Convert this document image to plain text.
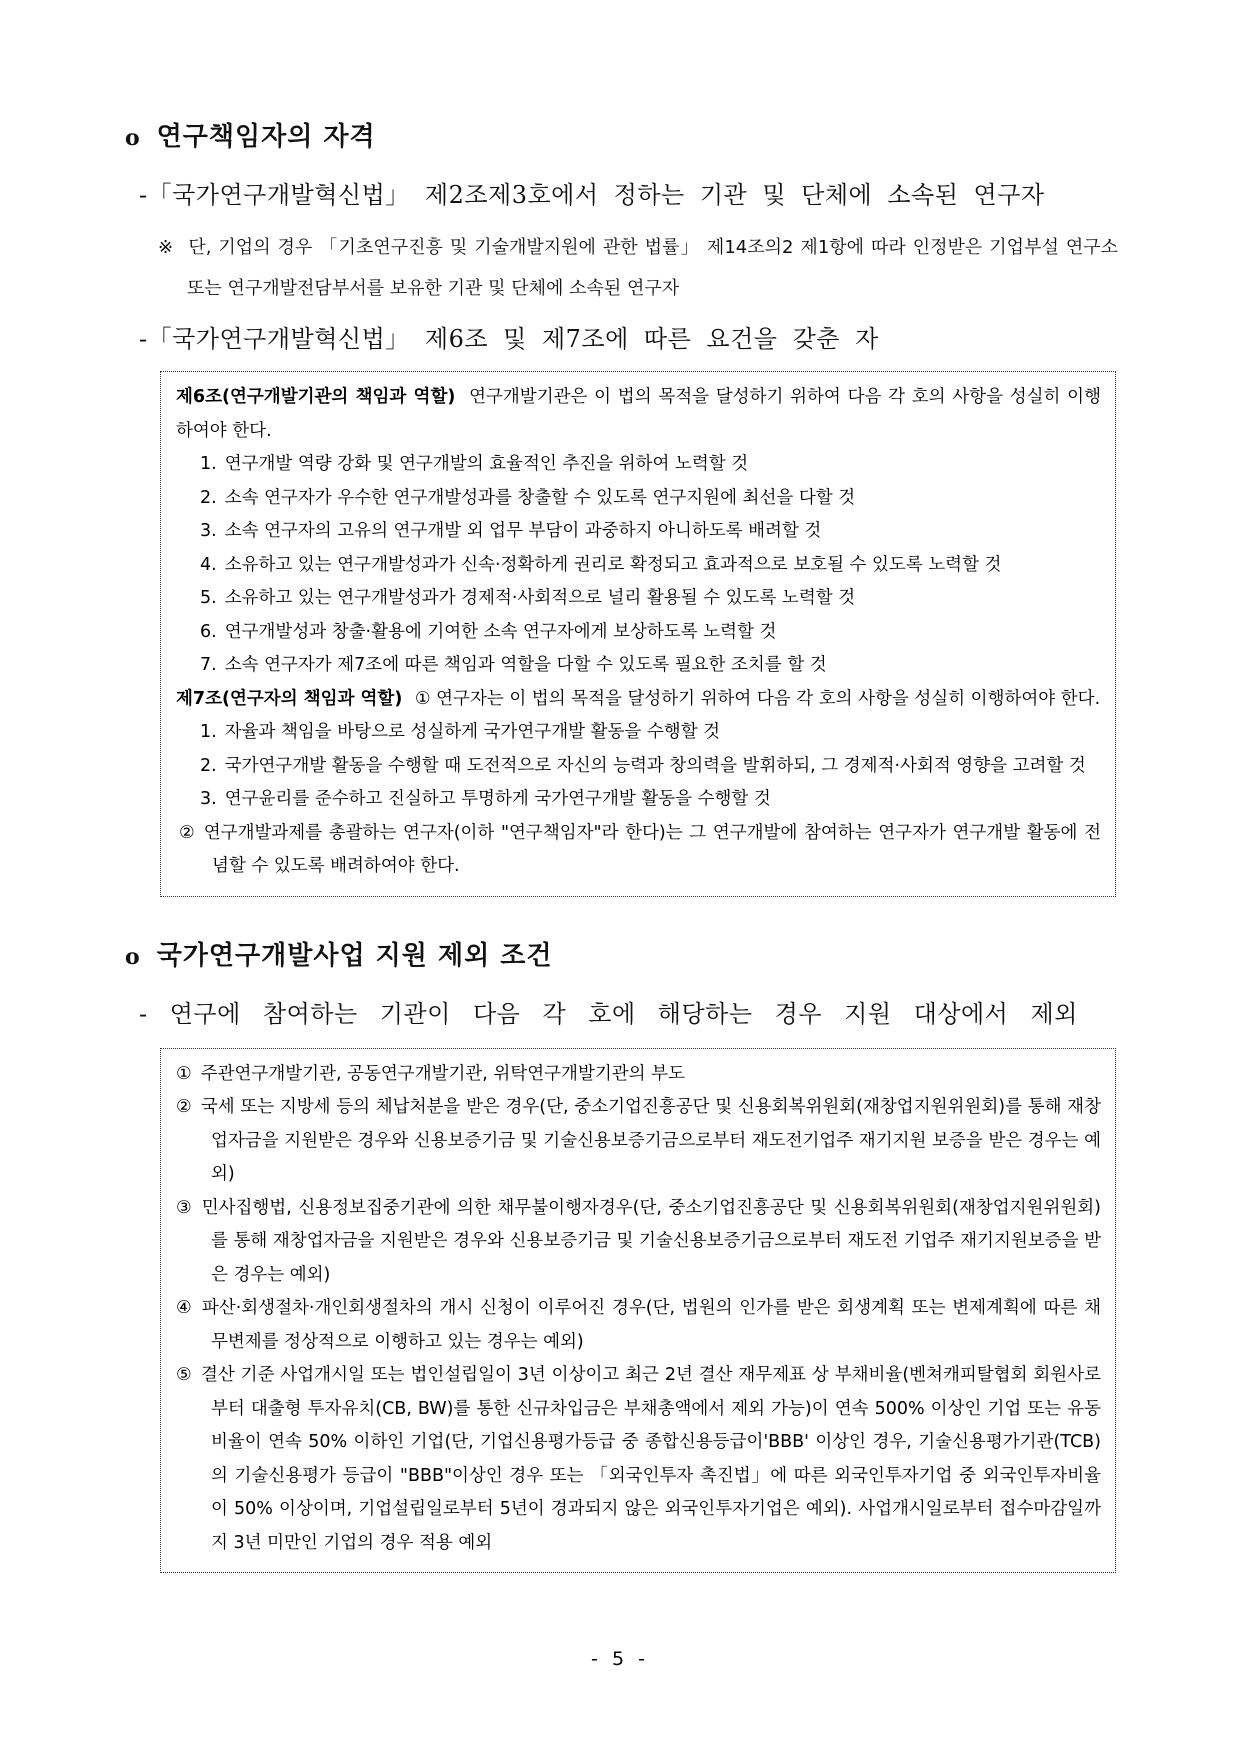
o 연구책임자의 자격
-「국가연구개발혁신법」 제2조제3호에서 정하는 기관 및 단체에 소속된 연구자
※ 단, 기업의 경우 「기초연구진흥 및 기술개발지원에 관한 법률」 제14조의2 제1항에 따라 인정받은 기업부설 연구소 또는 연구개발전담부서를 보유한 기관 및 단체에 소속된 연구자
-「국가연구개발혁신법」 제6조 및 제7조에 따른 요건을 갖춘 자

제6조(연구개발기관의 책임과 역할) 연구개발기관은 이 법의 목적을 달성하기 위하여 다음 각 호의 사항을 성실히 이행하여야 한다.

1. 연구개발 역량 강화 및 연구개발의 효율적인 추진을 위하여 노력할 것
2. 소속 연구자가 우수한 연구개발성과를 창출할 수 있도록 연구지원에 최선을 다할 것
3. 소속 연구자의 고유의 연구개발 외 업무 부담이 과중하지 아니하도록 배려할 것
4. 소유하고 있는 연구개발성과가 신속·정확하게 권리로 확정되고 효과적으로 보호될 수 있도록 노력할 것
5. 소유하고 있는 연구개발성과가 경제적·사회적으로 널리 활용될 수 있도록 노력할 것
6. 연구개발성과 창출·활용에 기여한 소속 연구자에게 보상하도록 노력할 것
7. 소속 연구자가 제7조에 따른 책임과 역할을 다할 수 있도록 필요한 조치를 할 것

제7조(연구자의 책임과 역할) ① 연구자는 이 법의 목적을 달성하기 위하여 다음 각 호의 사항을 성실히 이행하여야 한다.

1. 자율과 책임을 바탕으로 성실하게 국가연구개발 활동을 수행할 것
2. 국가연구개발 활동을 수행할 때 도전적으로 자신의 능력과 창의력을 발휘하되, 그 경제적·사회적 영향을 고려할 것
3. 연구윤리를 준수하고 진실하고 투명하게 국가연구개발 활동을 수행할 것
② 연구개발과제를 총괄하는 연구자(이하 "연구책임자"라 한다)는 그 연구개발에 참여하는 연구자가 연구개발 활동에 전념할 수 있도록 배려하여야 한다.
o 국가연구개발사업 지원 제외 조건
- 연구에 참여하는 기관이 다음 각 호에 해당하는 경우 지원 대상에서 제외
① 주관연구개발기관, 공동연구개발기관, 위탁연구개발기관의 부도
② 국세 또는 지방세 등의 체납처분을 받은 경우(단, 중소기업진흥공단 및 신용회복위원회(재창업지원위원회)를 통해 재창업자금을 지원받은 경우와 신용보증기금 및 기술신용보증기금으로부터 재도전기업주 재기지원 보증을 받은 경우는 예외)
③ 민사집행법, 신용정보집중기관에 의한 채무불이행자경우(단, 중소기업진흥공단 및 신용회복위원회(재창업지원위원회)를 통해 재창업자금을 지원받은 경우와 신용보증기금 및 기술신용보증기금으로부터 재도전 기업주 재기지원보증을 받은 경우는 예외)
④ 파산·회생절차·개인회생절차의 개시 신청이 이루어진 경우(단, 법원의 인가를 받은 회생계획 또는 변제계획에 따른 채무변제를 정상적으로 이행하고 있는 경우는 예외)
⑤ 결산 기준 사업개시일 또는 법인설립일이 3년 이상이고 최근 2년 결산 재무제표 상 부채비율(벤쳐캐피탈협회 회원사로부터 대출형 투자유치(CB, BW)를 통한 신규차입금은 부채총액에서 제외 가능)이 연속 500% 이상인 기업 또는 유동비율이 연속 50% 이하인 기업(단, 기업신용평가등급 중 종합신용등급이'BBB' 이상인 경우, 기술신용평가기관(TCB)의 기술신용평가 등급이 "BBB"이상인 경우 또는 「외국인투자 촉진법」에 따른 외국인투자기업 중 외국인투자비율이 50% 이상이며, 기업설립일로부터 5년이 경과되지 않은 외국인투자기업은 예외). 사업개시일로부터 접수마감일까지 3년 미만인 기업의 경우 적용 예외
- 5 -
